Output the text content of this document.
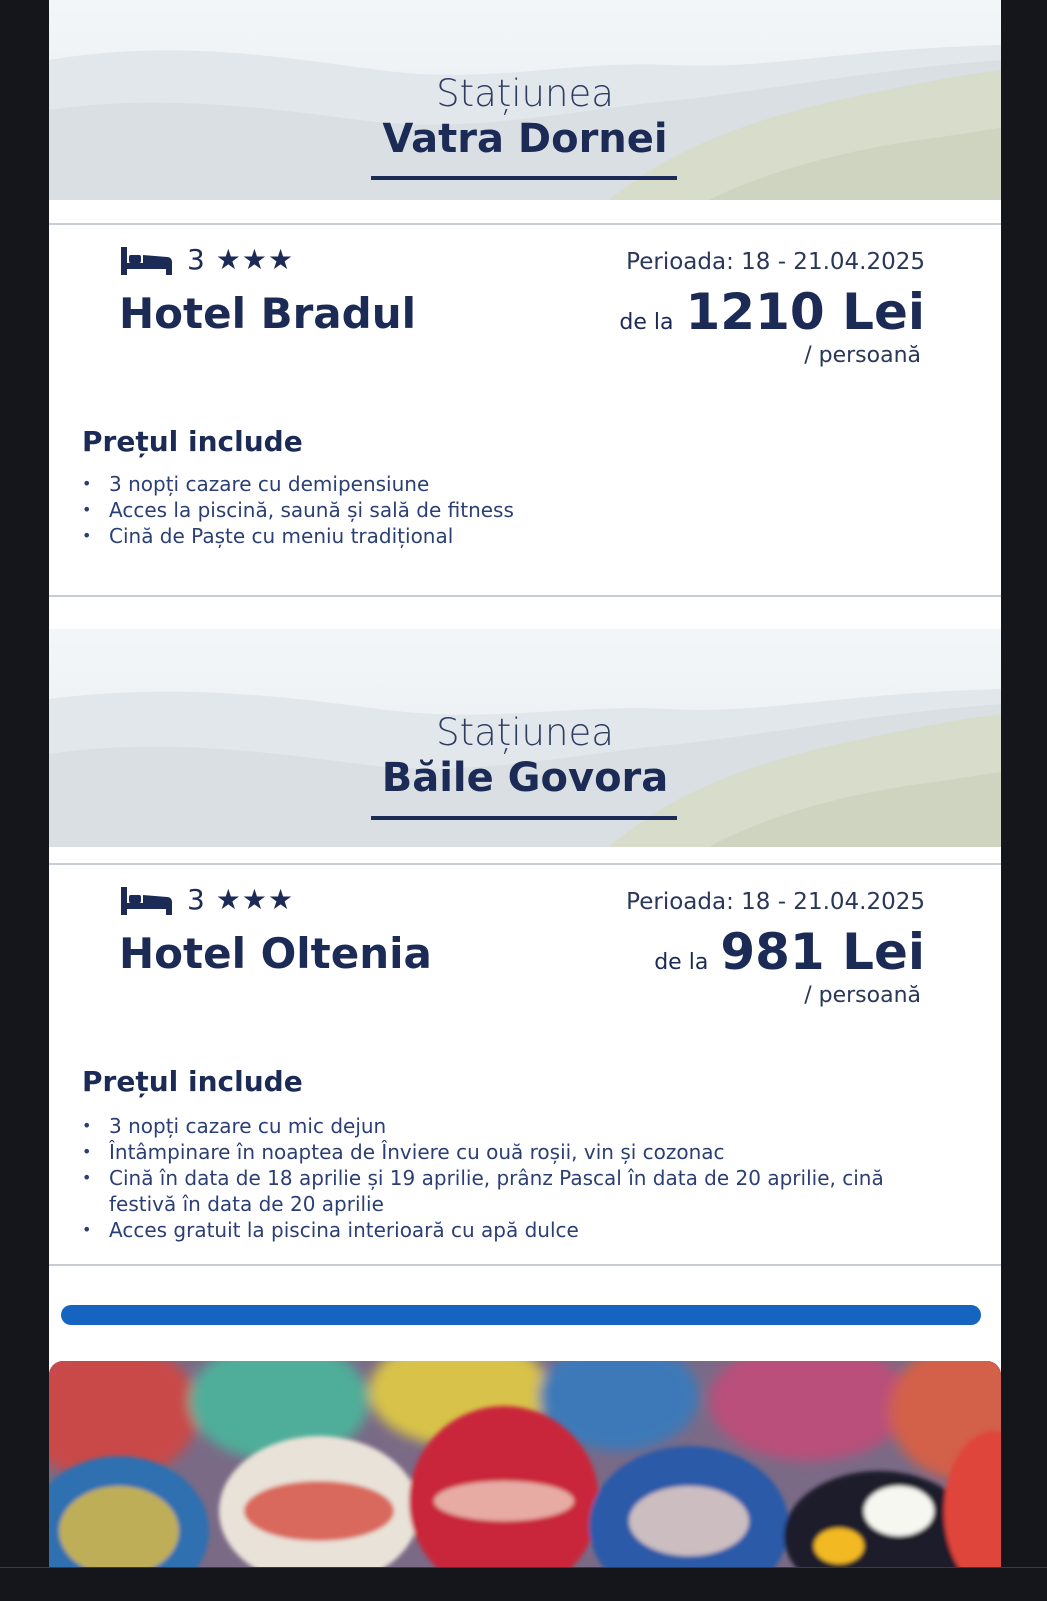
Stațiunea
Vatra Dornei
3 ★★★
Hotel Bradul
Perioada: 18 - 21.04.2025
de la 1210 Lei
/ persoană
Prețul include
• 3 nopți cazare cu demipensiune
• Acces la piscină, saună și sală de fitness
• Cină de Paște cu meniu tradițional
Stațiunea
Băile Govora
3 ★★★
Hotel Oltenia
Perioada: 18 - 21.04.2025
de la 981 Lei
/ persoană
Prețul include
• 3 nopți cazare cu mic dejun
• Întâmpinare în noaptea de Înviere cu ouă roșii, vin și cozonac
• Cină în data de 18 aprilie și 19 aprilie, prânz Pascal în data de 20 aprilie, cină festivă în data de 20 aprilie
• Acces gratuit la piscina interioară cu apă dulce
